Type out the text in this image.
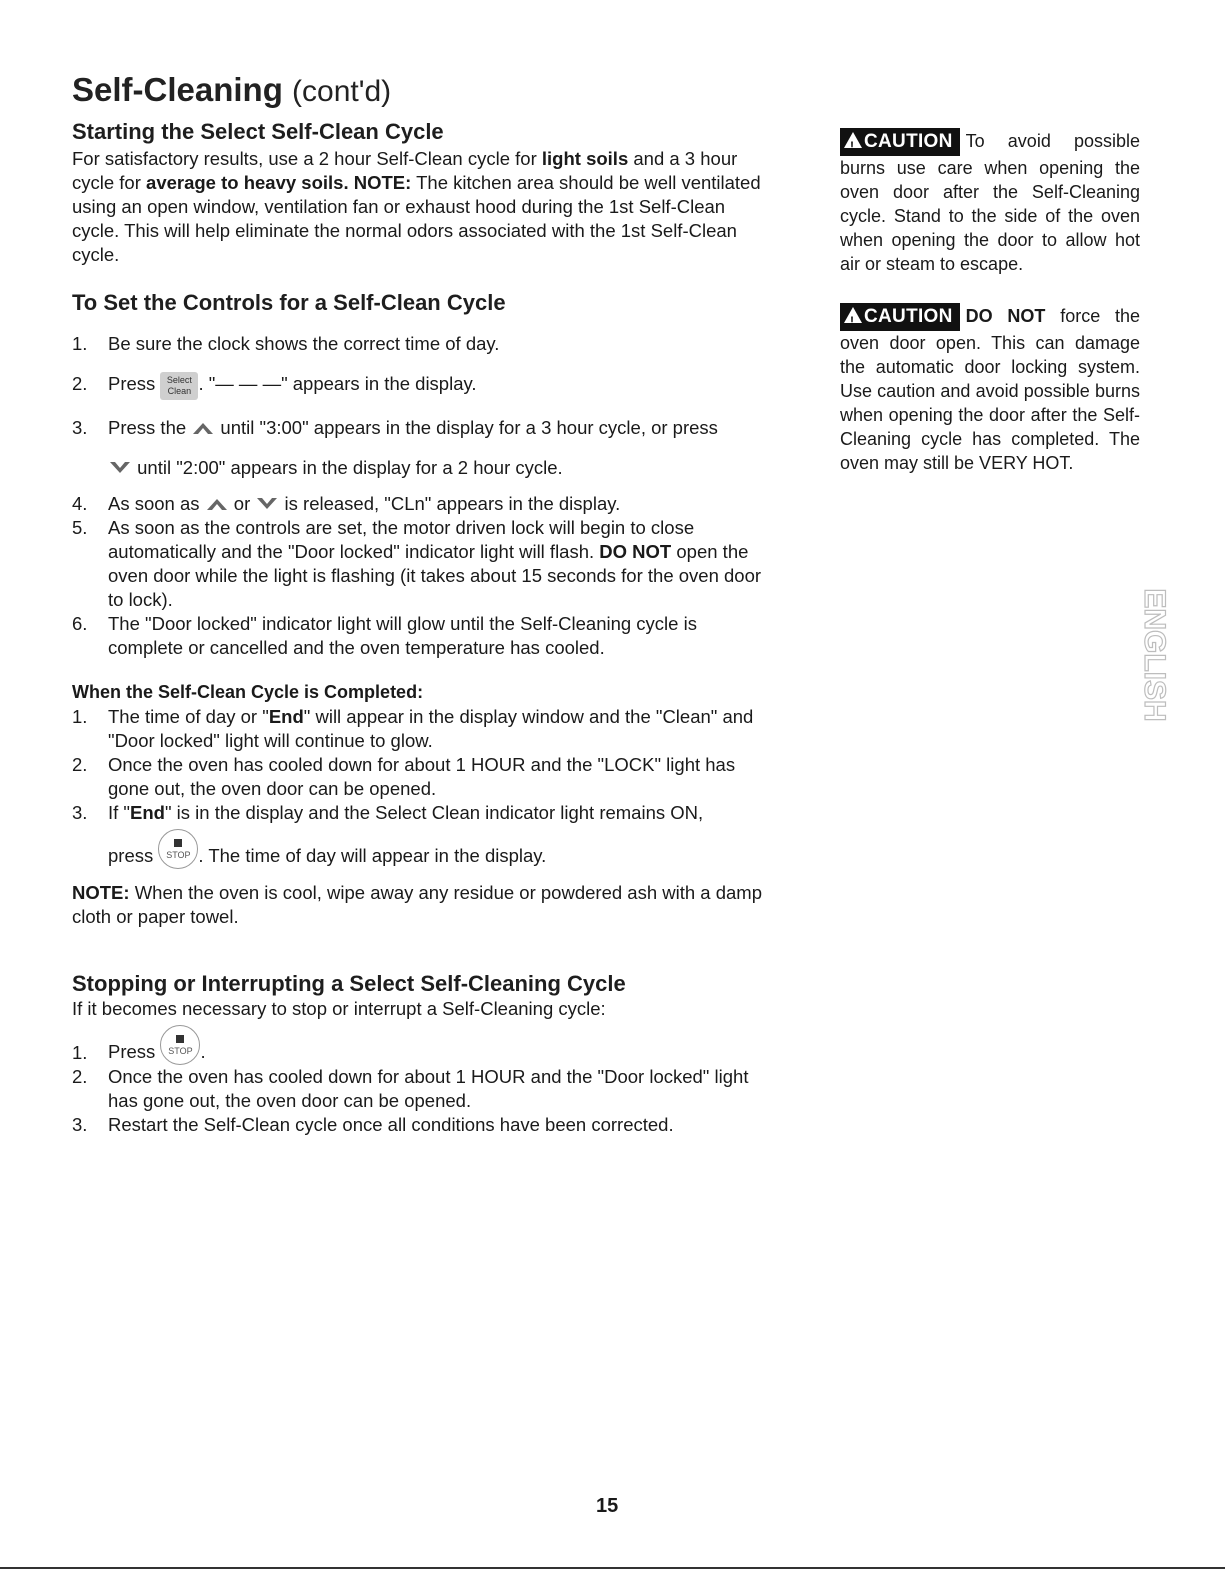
Self-Cleaning (cont'd)
Starting the Select Self-Clean Cycle
For satisfactory results, use a 2 hour Self-Clean cycle for light soils and a 3 hour cycle for average to heavy soils. NOTE: The kitchen area should be well ventilated using an open window, ventilation fan or exhaust hood during the 1st Self-Clean cycle. This will help eliminate the normal odors associated with the 1st Self-Clean cycle.
To Set the Controls for a Self-Clean Cycle
1. Be sure the clock shows the correct time of day.
2. Press Select
Clean . "— — —" appears in the display.
3. Press the  until "3:00" appears in the display for a 3 hour cycle, or press
until "2:00" appears in the display for a 2 hour cycle.
4. As soon as  or  is released, "CLn" appears in the display.
5. As soon as the controls are set, the motor driven lock will begin to close automatically and the "Door locked" indicator light will flash. DO NOT open the oven door while the light is flashing (it takes about 15 seconds for the oven door to lock).
6. The "Door locked" indicator light will glow until the Self-Cleaning cycle is complete or cancelled and the oven temperature has cooled.
When the Self-Clean Cycle is Completed:
1. The time of day or "End" will appear in the display window and the "Clean" and "Door locked" light will continue to glow.
2. Once the oven has cooled down for about 1 HOUR and the "LOCK" light has gone out, the oven door can be opened.
3. If "End" is in the display and the Select Clean indicator light remains ON,
press
STOP . The time of day will appear in the display.
NOTE: When the oven is cool, wipe away any residue or powdered ash with a damp cloth or paper towel.
Stopping or Interrupting a Select Self-Cleaning Cycle
If it becomes necessary to stop or interrupt a Self-Cleaning cycle:
1. Press
STOP .
2. Once the oven has cooled down for about 1 HOUR and the "Door locked" light has gone out, the oven door can be opened.
3. Restart the Self-Clean cycle once all conditions have been corrected.
!CAUTION To avoid possible burns use care when opening the oven door after the Self-Cleaning cycle. Stand to the side of the oven when opening the door to allow hot air or steam to escape.
!CAUTION DO NOT force the oven door open. This can damage the automatic door locking system. Use caution and avoid possible burns when opening the door after the Self-Cleaning cycle has completed. The oven may still be VERY HOT.
ENGLISH
15
